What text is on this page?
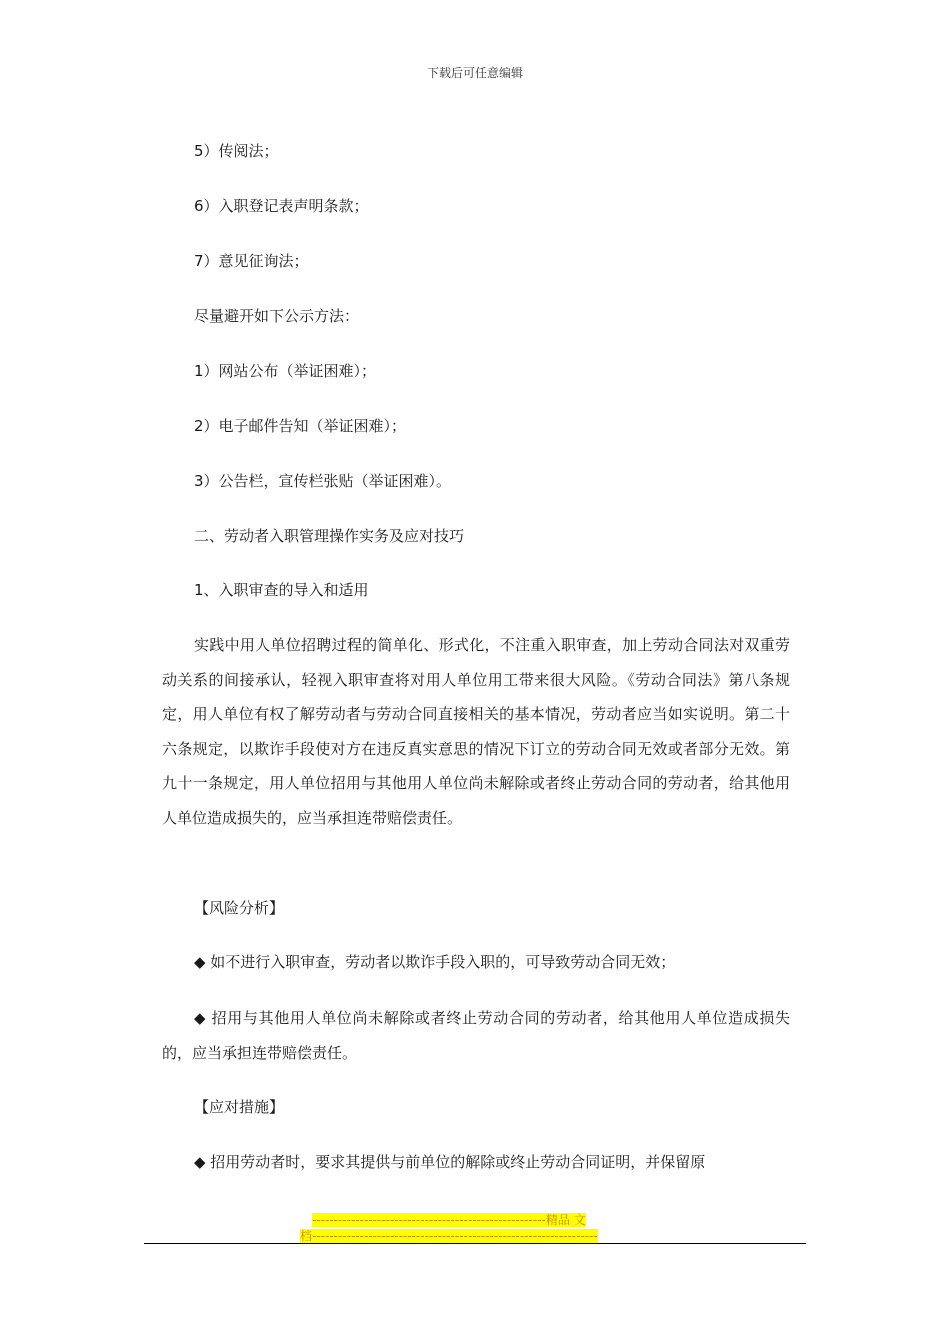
下载后可任意编辑
5）传阅法；
6）入职登记表声明条款；
7）意见征询法；
尽量避开如下公示方法：
1）网站公布（举证困难）；
2）电子邮件告知（举证困难）；
3）公告栏，宣传栏张贴（举证困难）。
二、劳动者入职管理操作实务及应对技巧
1、入职审查的导入和适用
实践中用人单位招聘过程的简单化、形式化，不注重入职审查，加上劳动合同法对双重劳动关系的间接承认，轻视入职审查将对用人单位用工带来很大风险。《劳动合同法》第八条规定，用人单位有权了解劳动者与劳动合同直接相关的基本情况，劳动者应当如实说明。第二十六条规定，以欺诈手段使对方在违反真实意思的情况下订立的劳动合同无效或者部分无效。第九十一条规定，用人单位招用与其他用人单位尚未解除或者终止劳动合同的劳动者，给其他用人单位造成损失的，应当承担连带赔偿责任。
【风险分析】
◆ 如不进行入职审查，劳动者以欺诈手段入职的，可导致劳动合同无效；
◆ 招用与其他用人单位尚未解除或者终止劳动合同的劳动者，给其他用人单位造成损失的，应当承担连带赔偿责任。
【应对措施】
◆ 招用劳动者时，要求其提供与前单位的解除或终止劳动合同证明，并保留原
------------------------------------------------------精品 文
档------------------------------------------------------------------
